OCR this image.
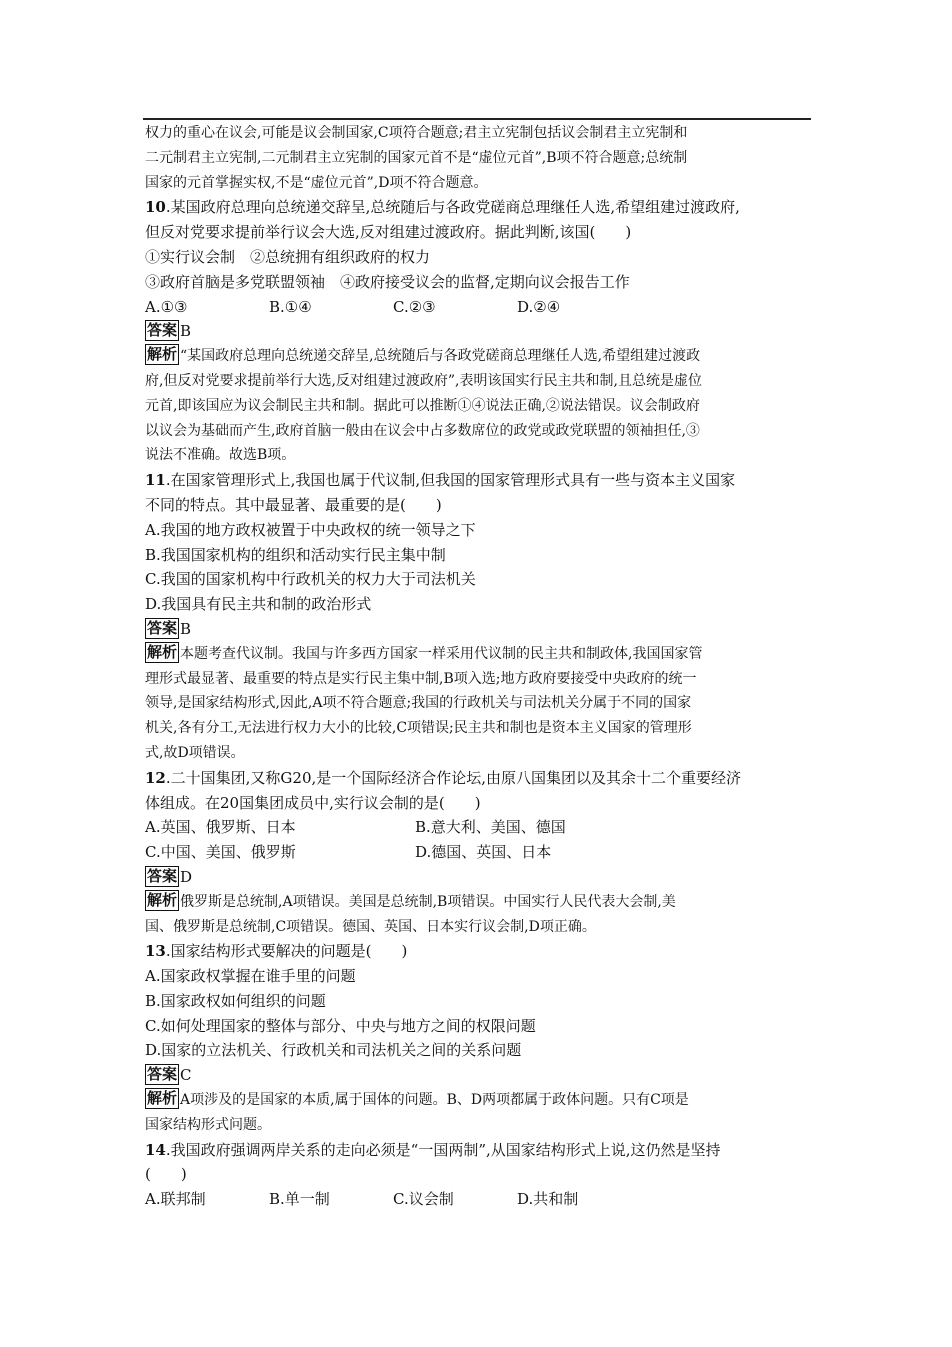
权力的重心在议会,可能是议会制国家,C项符合题意;君主立宪制包括议会制君主立宪制和
二元制君主立宪制,二元制君主立宪制的国家元首不是“虚位元首”,B项不符合题意;总统制
国家的元首掌握实权,不是“虚位元首”,D项不符合题意。
10.某国政府总理向总统递交辞呈,总统随后与各政党磋商总理继任人选,希望组建过渡政府,
但反对党要求提前举行议会大选,反对组建过渡政府。据此判断,该国(　　)
①实行议会制　②总统拥有组织政府的权力
③政府首脑是多党联盟领袖　④政府接受议会的监督,定期向议会报告工作
A.①③	B.①④	C.②③	D.②④
答案 B
解析 “某国政府总理向总统递交辞呈,总统随后与各政党磋商总理继任人选,希望组建过渡政
府,但反对党要求提前举行大选,反对组建过渡政府”,表明该国实行民主共和制,且总统是虚位
元首,即该国应为议会制民主共和制。据此可以推断①④说法正确,②说法错误。议会制政府
以议会为基础而产生,政府首脑一般由在议会中占多数席位的政党或政党联盟的领袖担任,③
说法不准确。故选B项。
11.在国家管理形式上,我国也属于代议制,但我国的国家管理形式具有一些与资本主义国家
不同的特点。其中最显著、最重要的是(　　)
A.我国的地方政权被置于中央政权的统一领导之下
B.我国国家机构的组织和活动实行民主集中制
C.我国的国家机构中行政机关的权力大于司法机关
D.我国具有民主共和制的政治形式
答案 B
解析 本题考查代议制。我国与许多西方国家一样采用代议制的民主共和制政体,我国国家管
理形式最显著、最重要的特点是实行民主集中制,B项入选;地方政府要接受中央政府的统一
领导,是国家结构形式,因此,A项不符合题意;我国的行政机关与司法机关分属于不同的国家
机关,各有分工,无法进行权力大小的比较,C项错误;民主共和制也是资本主义国家的管理形
式,故D项错误。
12.二十国集团,又称G20,是一个国际经济合作论坛,由原八国集团以及其余十二个重要经济
体组成。在20国集团成员中,实行议会制的是(　　)
A.英国、俄罗斯、日本	B.意大利、美国、德国
C.中国、美国、俄罗斯	D.德国、英国、日本
答案 D
解析 俄罗斯是总统制,A项错误。美国是总统制,B项错误。中国实行人民代表大会制,美
国、俄罗斯是总统制,C项错误。德国、英国、日本实行议会制,D项正确。
13.国家结构形式要解决的问题是(　　)
A.国家政权掌握在谁手里的问题
B.国家政权如何组织的问题
C.如何处理国家的整体与部分、中央与地方之间的权限问题
D.国家的立法机关、行政机关和司法机关之间的关系问题
答案 C
解析 A项涉及的是国家的本质,属于国体的问题。B、D两项都属于政体问题。只有C项是
国家结构形式问题。
14.我国政府强调两岸关系的走向必须是“一国两制”,从国家结构形式上说,这仍然是坚持
(　　)
A.联邦制	B.单一制	C.议会制	D.共和制
